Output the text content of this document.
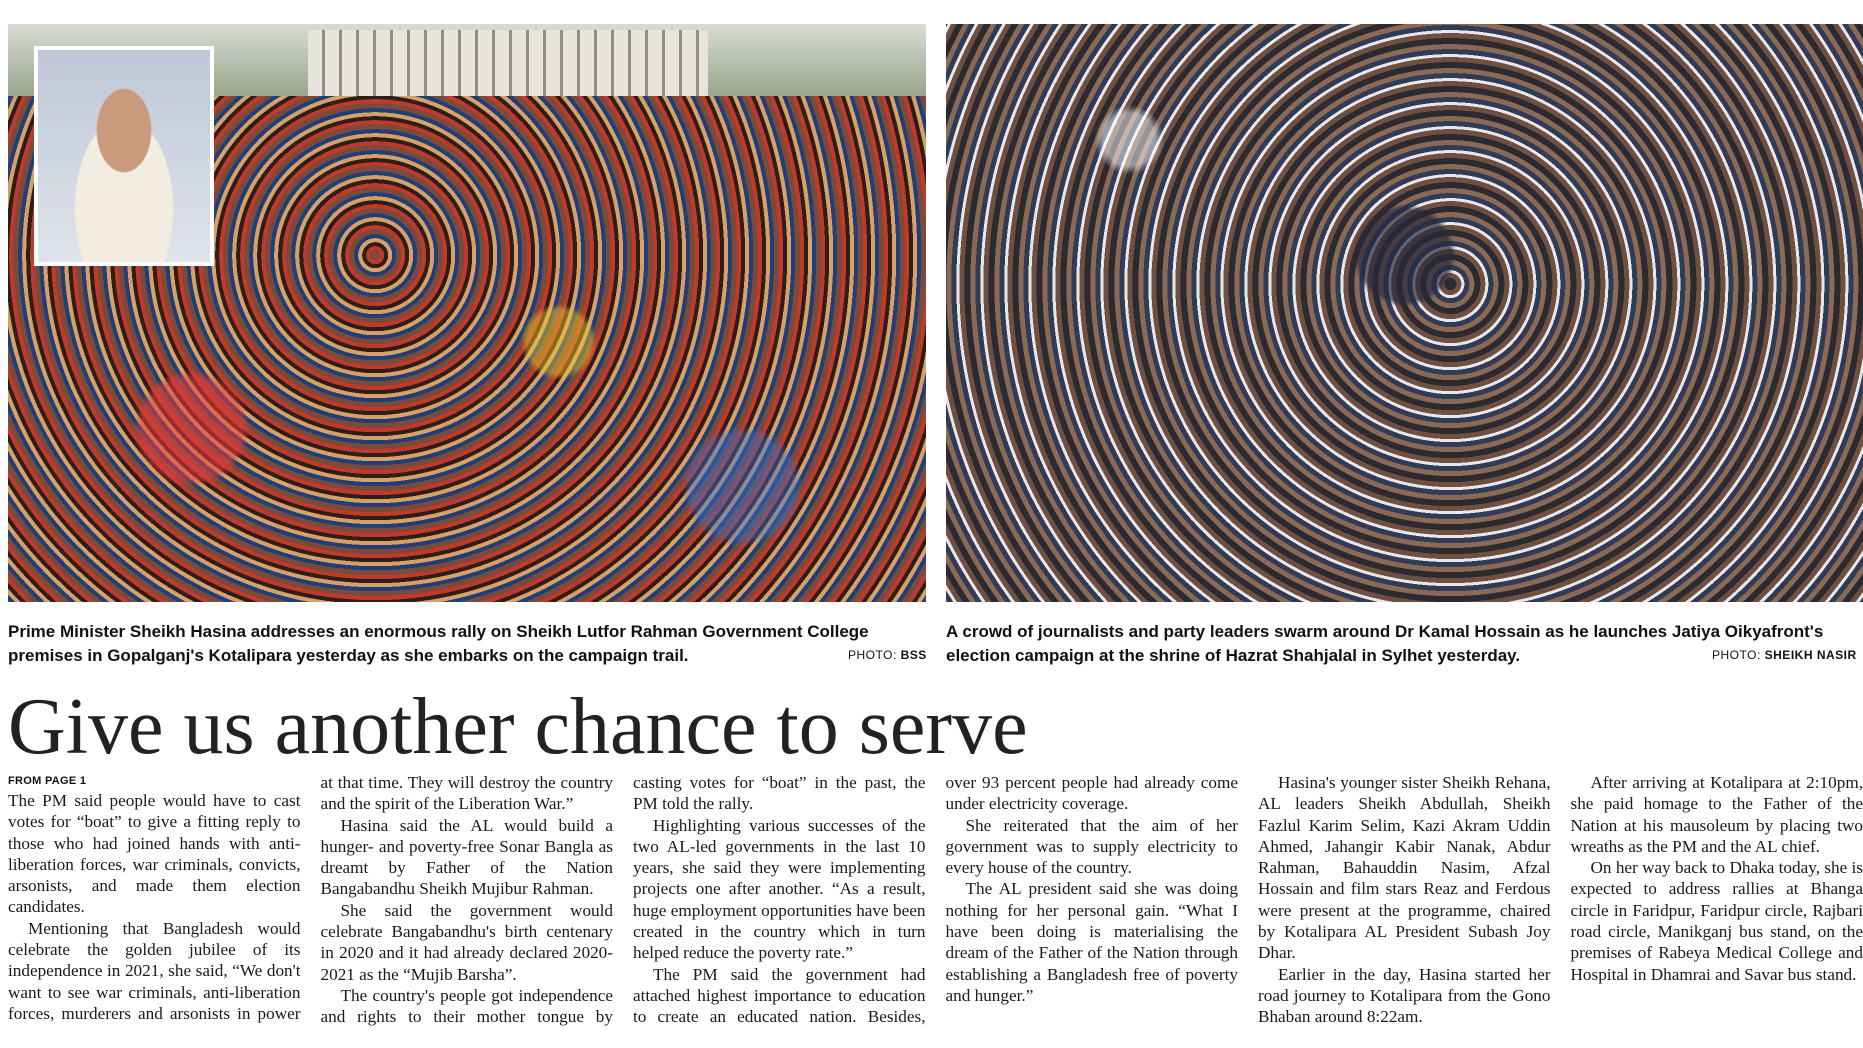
Prime Minister Sheikh Hasina addresses an enormous rally on Sheikh Lutfor Rahman Government College premises in Gopalganj's Kotalipara yesterday as she embarks on the campaign trail.	PHOTO: BSS

A crowd of journalists and party leaders swarm around Dr Kamal Hossain as he launches Jatiya Oikyafront's election campaign at the shrine of Hazrat Shahjalal in Sylhet yesterday.	PHOTO: SHEIKH NASIR
Give us another chance to serve
FROM PAGE 1

The PM said people would have to cast votes for “boat” to give a fitting reply to those who had joined hands with anti-liberation forces, war criminals, convicts, arsonists, and made them election candidates.

Mentioning that Bangladesh would celebrate the golden jubilee of its independence in 2021, she said, “We don't want to see war criminals, anti-liberation forces, murderers and arsonists in power at that time. They will destroy the country and the spirit of the Liberation War.”

Hasina said the AL would build a hunger- and poverty-free Sonar Bangla as dreamt by Father of the Nation Bangabandhu Sheikh Mujibur Rahman.

She said the government would celebrate Bangabandhu's birth centenary in 2020 and it had already declared 2020-2021 as the “Mujib Barsha”.

The country's people got independence and rights to their mother tongue by casting votes for “boat” in the past, the PM told the rally.

Highlighting various successes of the two AL-led governments in the last 10 years, she said they were implementing projects one after another. “As a result, huge employment opportunities have been created in the country which in turn helped reduce the poverty rate.”

The PM said the government had attached highest importance to education to create an educated nation. Besides, over 93 percent people had already come under electricity coverage.

She reiterated that the aim of her government was to supply electricity to every house of the country.

The AL president said she was doing nothing for her personal gain. “What I have been doing is materialising the dream of the Father of the Nation through establishing a Bangladesh free of poverty and hunger.”

Hasina's younger sister Sheikh Rehana, AL leaders Sheikh Abdullah, Sheikh Fazlul Karim Selim, Kazi Akram Uddin Ahmed, Jahangir Kabir Nanak, Abdur Rahman, Bahauddin Nasim, Afzal Hossain and film stars Reaz and Ferdous were present at the programme, chaired by Kotalipara AL President Subash Joy Dhar.

Earlier in the day, Hasina started her road journey to Kotalipara from the Gono Bhaban around 8:22am.

After arriving at Kotalipara at 2:10pm, she paid homage to the Father of the Nation at his mausoleum by placing two wreaths as the PM and the AL chief.

On her way back to Dhaka today, she is expected to address rallies at Bhanga circle in Faridpur, Faridpur circle, Rajbari road circle, Manikganj bus stand, on the premises of Rabeya Medical College and Hospital in Dhamrai and Savar bus stand.
